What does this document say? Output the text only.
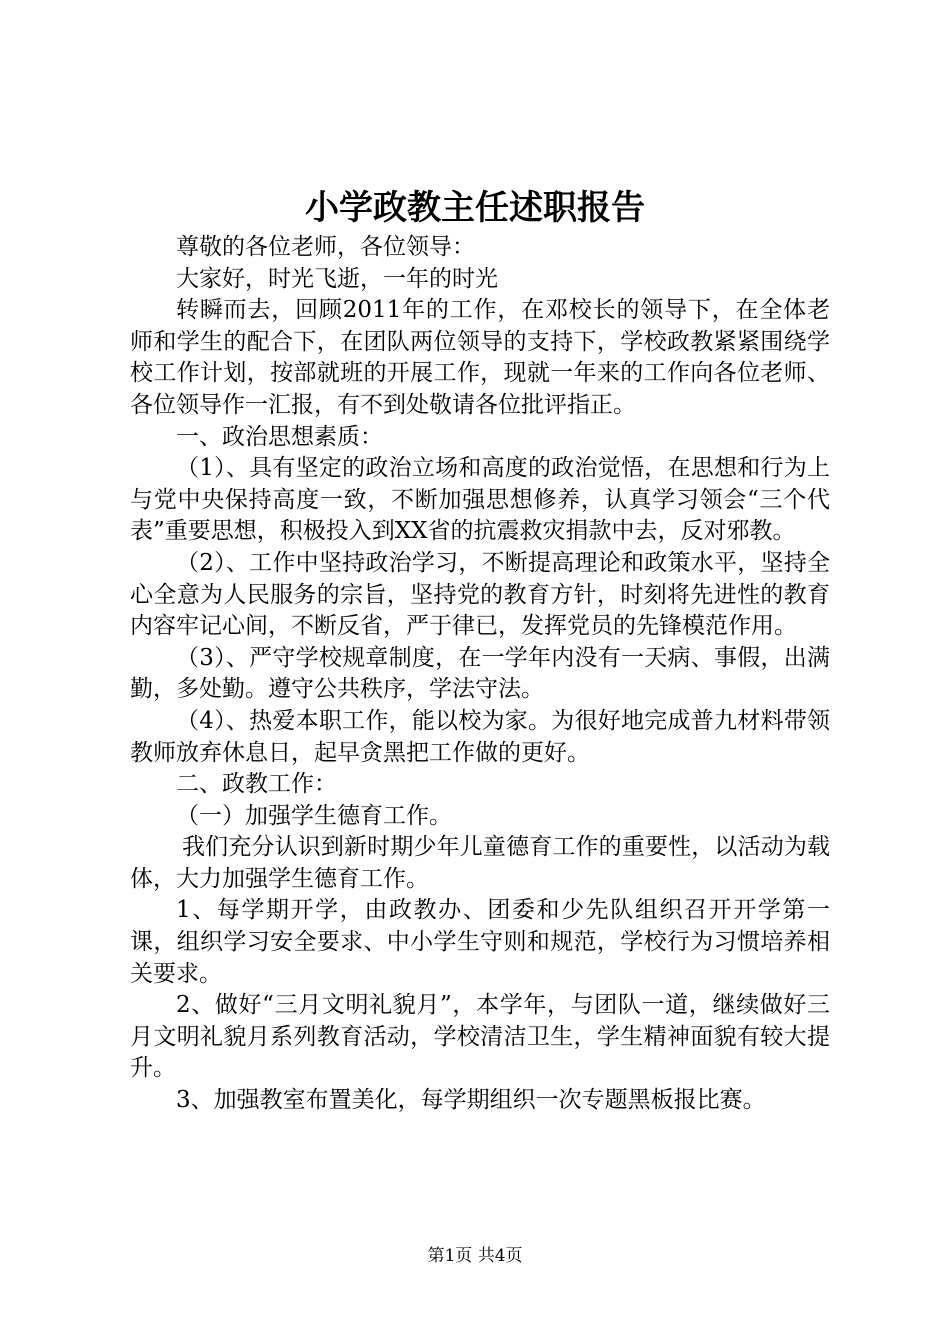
小学政教主任述职报告

尊敬的各位老师，各位领导：

大家好，时光飞逝，一年的时光

转瞬而去，回顾2011年的工作，在邓校长的领导下，在全体老师和学生的配合下，在团队两位领导的支持下，学校政教紧紧围绕学校工作计划，按部就班的开展工作，现就一年来的工作向各位老师、各位领导作一汇报，有不到处敬请各位批评指正。

一、政治思想素质：

（1）、具有坚定的政治立场和高度的政治觉悟，在思想和行为上与党中央保持高度一致，不断加强思想修养，认真学习领会“三个代表”重要思想，积极投入到XX省的抗震救灾捐款中去，反对邪教。

（2）、工作中坚持政治学习，不断提高理论和政策水平，坚持全心全意为人民服务的宗旨，坚持党的教育方针，时刻将先进性的教育内容牢记心间，不断反省，严于律已，发挥党员的先锋模范作用。

（3）、严守学校规章制度，在一学年内没有一天病、事假，出满勤，多处勤。遵守公共秩序，学法守法。

（4）、热爱本职工作，能以校为家。为很好地完成普九材料带领教师放弃休息日，起早贪黑把工作做的更好。

二、政教工作：

（一）加强学生德育工作。

我们充分认识到新时期少年儿童德育工作的重要性，以活动为载体，大力加强学生德育工作。

1、每学期开学，由政教办、团委和少先队组织召开开学第一课，组织学习安全要求、中小学生守则和规范，学校行为习惯培养相关要求。

2、做好“三月文明礼貌月”，本学年，与团队一道，继续做好三月文明礼貌月系列教育活动，学校清洁卫生，学生精神面貌有较大提升。

3、加强教室布置美化，每学期组织一次专题黑板报比赛。

第1页 共4页
